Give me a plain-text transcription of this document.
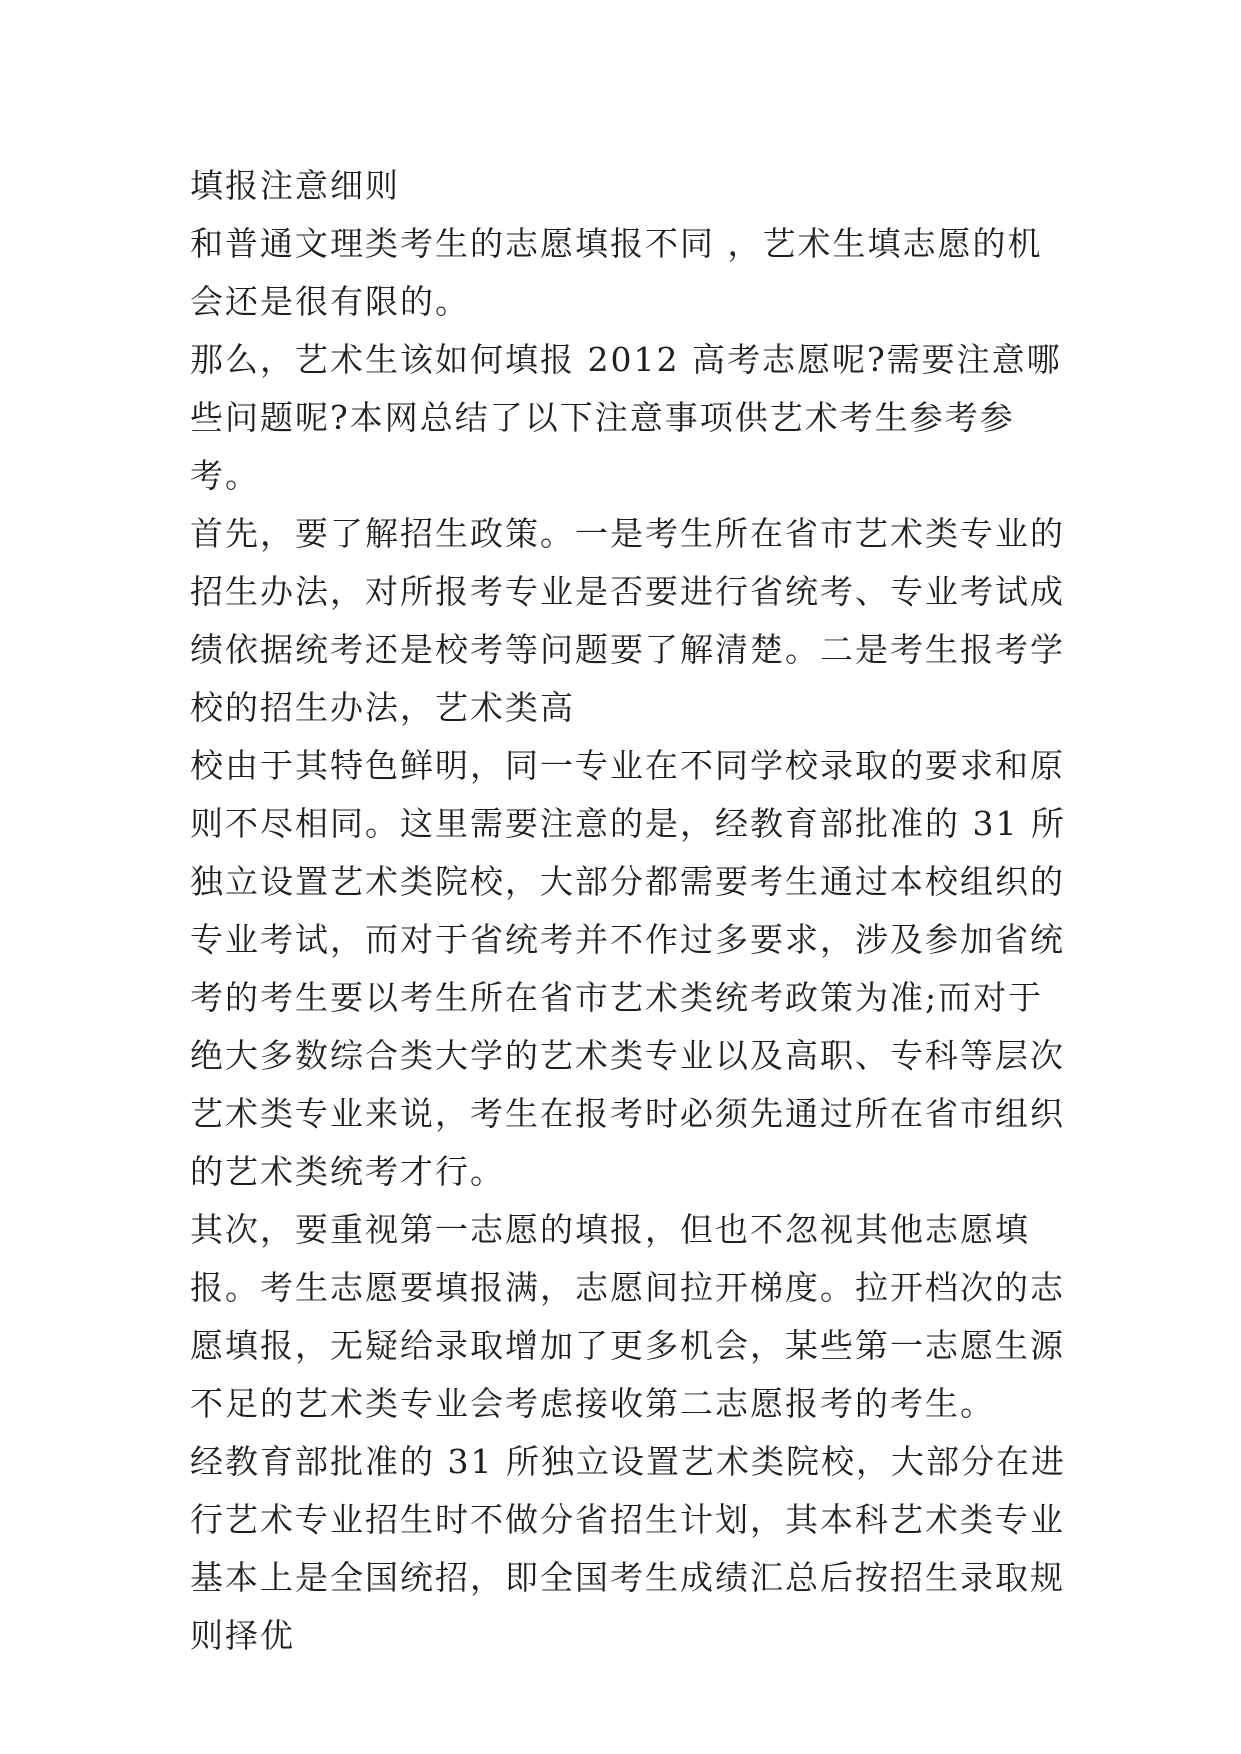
填报注意细则

和普通文理类考生的志愿填报不同 ，艺术生填志愿的机会还是很有限的。

那么，艺术生该如何填报 2012 高考志愿呢?需要注意哪些问题呢?本网总结了以下注意事项供艺术考生参考参考。

首先，要了解招生政策。一是考生所在省市艺术类专业的招生办法，对所报考专业是否要进行省统考、专业考试成绩依据统考还是校考等问题要了解清楚。二是考生报考学校的招生办法，艺术类高

校由于其特色鲜明，同一专业在不同学校录取的要求和原则不尽相同。这里需要注意的是，经教育部批准的 31 所独立设置艺术类院校，大部分都需要考生通过本校组织的专业考试，而对于省统考并不作过多要求，涉及参加省统考的考生要以考生所在省市艺术类统考政策为准;而对于绝大多数综合类大学的艺术类专业以及高职、专科等层次艺术类专业来说，考生在报考时必须先通过所在省市组织的艺术类统考才行。

其次，要重视第一志愿的填报，但也不忽视其他志愿填报。考生志愿要填报满，志愿间拉开梯度。拉开档次的志愿填报，无疑给录取增加了更多机会，某些第一志愿生源不足的艺术类专业会考虑接收第二志愿报考的考生。

经教育部批准的 31 所独立设置艺术类院校，大部分在进行艺术专业招生时不做分省招生计划，其本科艺术类专业基本上是全国统招，即全国考生成绩汇总后按招生录取规则择优
